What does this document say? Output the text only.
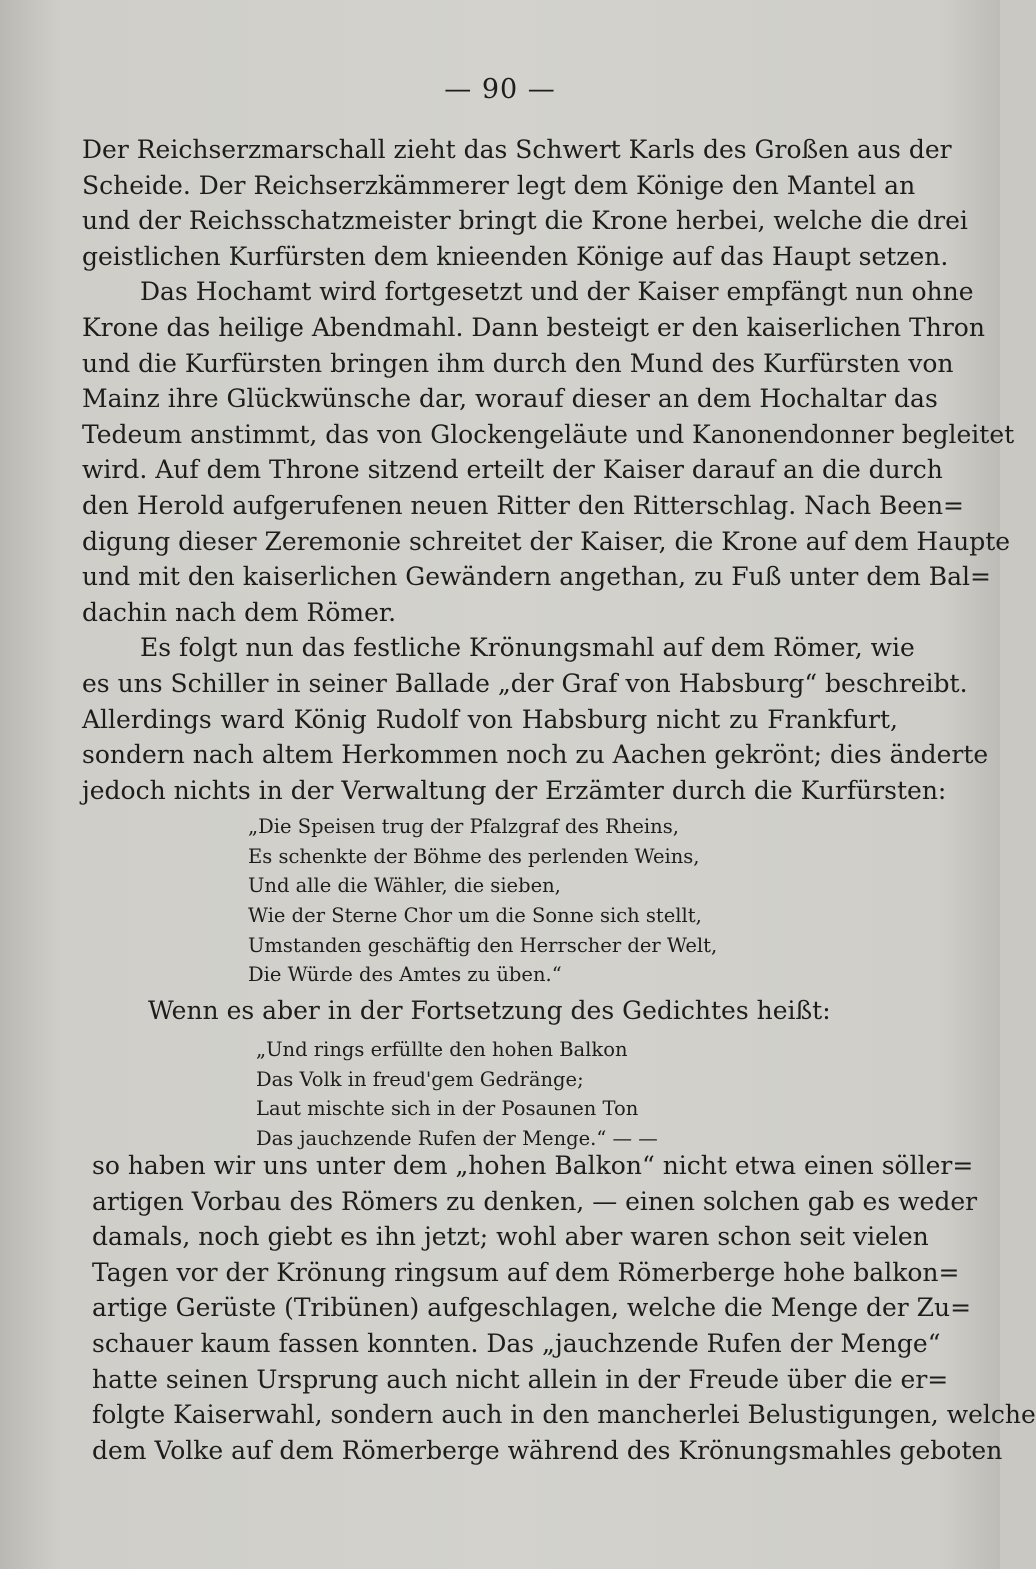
— 90 —
Der Reichserzmarschall zieht das Schwert Karls des Großen aus der
Scheide. Der Reichserzkämmerer legt dem Könige den Mantel an
und der Reichsschatzmeister bringt die Krone herbei, welche die drei
geistlichen Kurfürsten dem knieenden Könige auf das Haupt setzen.
Das Hochamt wird fortgesetzt und der Kaiser empfängt nun ohne
Krone das heilige Abendmahl. Dann besteigt er den kaiserlichen Thron
und die Kurfürsten bringen ihm durch den Mund des Kurfürsten von
Mainz ihre Glückwünsche dar, worauf dieser an dem Hochaltar das
Tedeum anstimmt, das von Glockengeläute und Kanonendonner begleitet
wird. Auf dem Throne sitzend erteilt der Kaiser darauf an die durch
den Herold aufgerufenen neuen Ritter den Ritterschlag. Nach Been=
digung dieser Zeremonie schreitet der Kaiser, die Krone auf dem Haupte
und mit den kaiserlichen Gewändern angethan, zu Fuß unter dem Bal=
dachin nach dem Römer.
Es folgt nun das festliche Krönungsmahl auf dem Römer, wie
es uns Schiller in seiner Ballade „der Graf von Habsburg“ beschreibt.
Allerdings ward König Rudolf von Habsburg nicht zu Frankfurt,
sondern nach altem Herkommen noch zu Aachen gekrönt; dies änderte
jedoch nichts in der Verwaltung der Erzämter durch die Kurfürsten:
„Die Speisen trug der Pfalzgraf des Rheins,
Es schenkte der Böhme des perlenden Weins,
Und alle die Wähler, die sieben,
Wie der Sterne Chor um die Sonne sich stellt,
Umstanden geschäftig den Herrscher der Welt,
Die Würde des Amtes zu üben.“
Wenn es aber in der Fortsetzung des Gedichtes heißt:
„Und rings erfüllte den hohen Balkon
Das Volk in freud'gem Gedränge;
Laut mischte sich in der Posaunen Ton
Das jauchzende Rufen der Menge.“ — —
so haben wir uns unter dem „hohen Balkon“ nicht etwa einen söller=
artigen Vorbau des Römers zu denken, — einen solchen gab es weder
damals, noch giebt es ihn jetzt; wohl aber waren schon seit vielen
Tagen vor der Krönung ringsum auf dem Römerberge hohe balkon=
artige Gerüste (Tribünen) aufgeschlagen, welche die Menge der Zu=
schauer kaum fassen konnten. Das „jauchzende Rufen der Menge“
hatte seinen Ursprung auch nicht allein in der Freude über die er=
folgte Kaiserwahl, sondern auch in den mancherlei Belustigungen, welche
dem Volke auf dem Römerberge während des Krönungsmahles geboten
